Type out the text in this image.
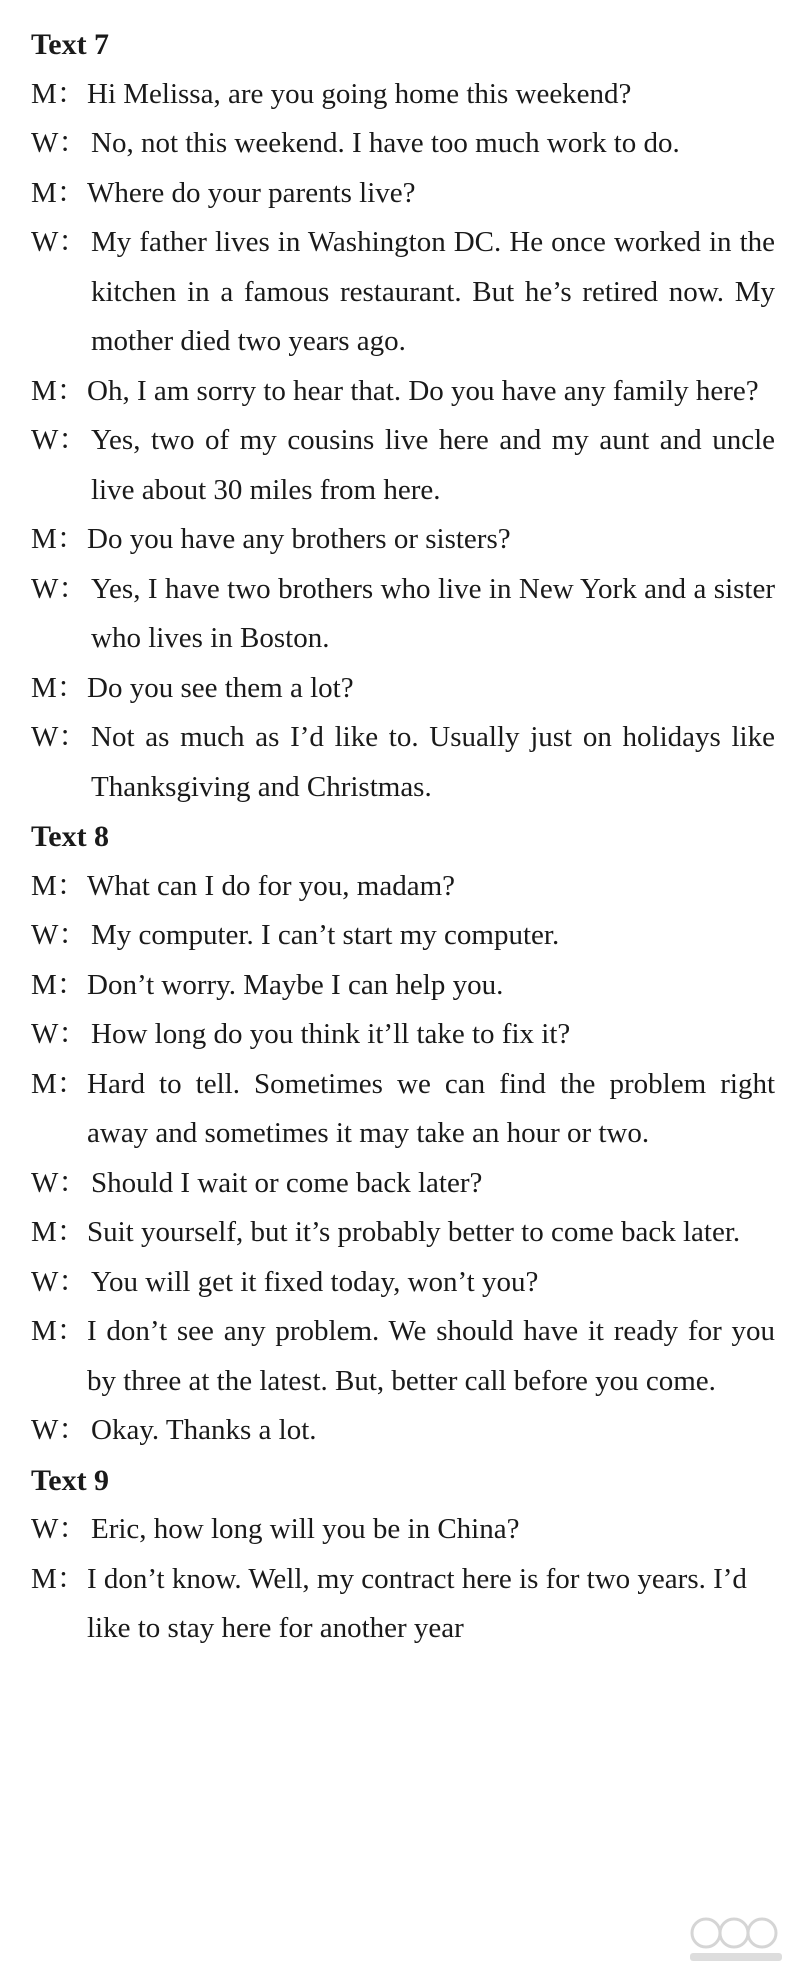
Text 7
M： Hi Melissa, are you going home this weekend?
W： No, not this weekend. I have too much work to do.
M： Where do your parents live?
W： My father lives in Washington DC. He once worked in the kitchen in a famous restaurant. But he’s retired now. My mother died two years ago.
M： Oh, I am sorry to hear that. Do you have any family here?
W： Yes, two of my cousins live here and my aunt and uncle live about 30 miles from here.
M： Do you have any brothers or sisters?
W： Yes, I have two brothers who live in New York and a sister who lives in Boston.
M： Do you see them a lot?
W： Not as much as I’d like to. Usually just on holidays like Thanksgiving and Christmas.
Text 8
M： What can I do for you, madam?
W： My computer. I can’t start my computer.
M： Don’t worry. Maybe I can help you.
W： How long do you think it’ll take to fix it?
M： Hard to tell. Sometimes we can find the problem right away and sometimes it may take an hour or two.
W： Should I wait or come back later?
M： Suit yourself, but it’s probably better to come back later.
W： You will get it fixed today, won’t you?
M： I don’t see any problem. We should have it ready for you by three at the latest. But, better call before you come.
W： Okay. Thanks a lot.
Text 9
W： Eric, how long will you be in China?
M： I don’t know. Well, my contract here is for two years. I’d like to stay here for another year
